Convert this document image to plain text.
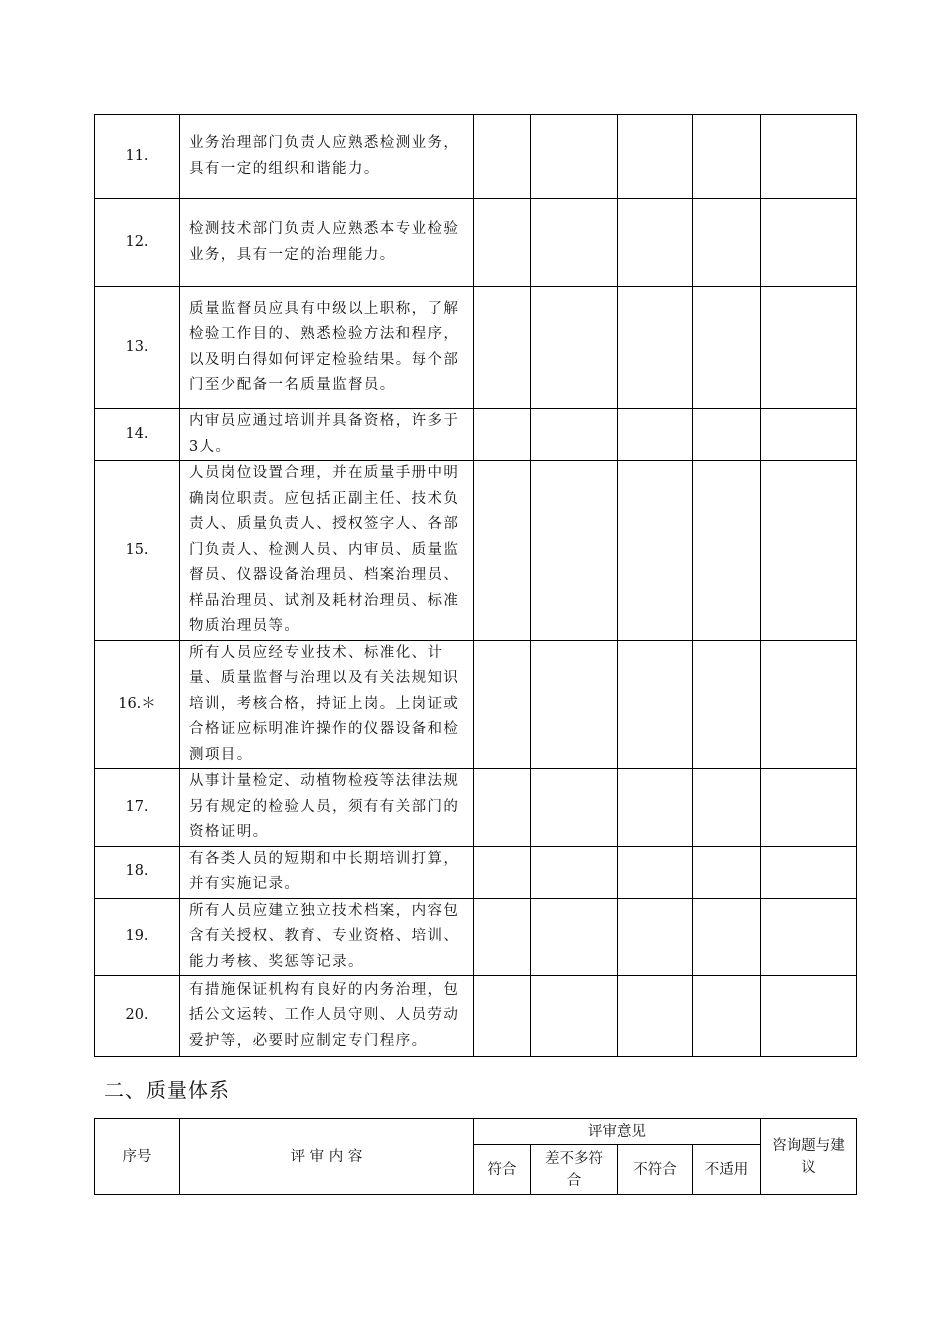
11.	业务治理部门负责人应熟悉检测业务，具有一定的组织和谐能力。					
12.	检测技术部门负责人应熟悉本专业检验业务，具有一定的治理能力。					
13.	质量监督员应具有中级以上职称，了解检验工作目的、熟悉检验方法和程序，以及明白得如何评定检验结果。每个部门至少配备一名质量监督员。					
14.	内审员应通过培训并具备资格，许多于3人。					
15.	人员岗位设置合理，并在质量手册中明确岗位职责。应包括正副主任、技术负责人、质量负责人、授权签字人、各部门负责人、检测人员、内审员、质量监督员、仪器设备治理员、档案治理员、样品治理员、试剂及耗材治理员、标准物质治理员等。					
16.＊	所有人员应经专业技术、标准化、计量、质量监督与治理以及有关法规知识培训，考核合格，持证上岗。上岗证或合格证应标明准许操作的仪器设备和检测项目。					
17.	从事计量检定、动植物检疫等法律法规另有规定的检验人员，须有有关部门的资格证明。					
18.	有各类人员的短期和中长期培训打算，并有实施记录。					
19.	所有人员应建立独立技术档案，内容包含有关授权、教育、专业资格、培训、能力考核、奖惩等记录。					
20.	有措施保证机构有良好的内务治理，包括公文运转、工作人员守则、人员劳动爱护等，必要时应制定专门程序。					
二、质量体系
序号	评 审 内 容	评审意见				咨询题与建议
		符合	差不多符合	不符合	不适用	
